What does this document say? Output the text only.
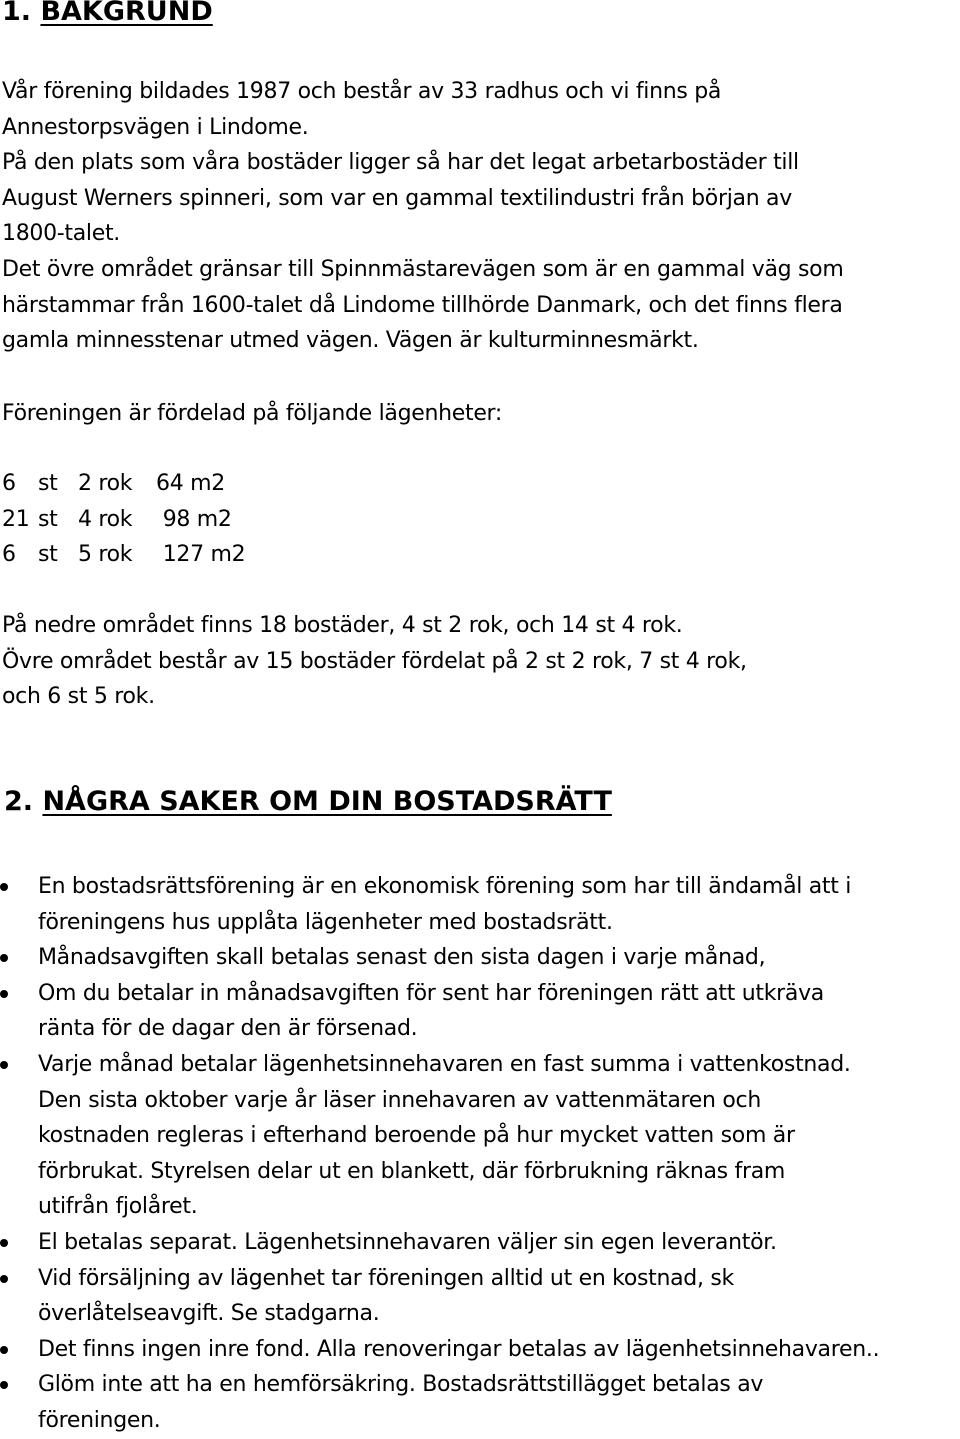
1. BAKGRUND
Vår förening bildades 1987 och består av 33 radhus och vi finns på
Annestorpsvägen i Lindome.
På den plats som våra bostäder ligger så har det legat arbetarbostäder till
August Werners spinneri, som var en gammal textilindustri från början av
1800-talet.
Det övre området gränsar till Spinnmästarevägen som är en gammal väg som
härstammar från 1600-talet då Lindome tillhörde Danmark, och det finns flera
gamla minnesstenar utmed vägen. Vägen är kulturminnesmärkt.
Föreningen är fördelad på följande lägenheter:
6	st 2 rok	64 m2
21 st 4 rok	98 m2
6	st 5 rok	127 m2
På nedre området finns 18 bostäder, 4 st 2 rok, och 14 st 4 rok.
Övre området består av 15 bostäder fördelat på 2 st 2 rok, 7 st 4 rok,
och 6 st 5 rok.
2. NÅGRA SAKER OM DIN BOSTADSRÄTT
En bostadsrättsförening är en ekonomisk förening som har till ändamål att i
föreningens hus upplåta lägenheter med bostadsrätt.
Månadsavgiften skall betalas senast den sista dagen i varje månad,
Om du betalar in månadsavgiften för sent har föreningen rätt att utkräva
ränta för de dagar den är försenad.
Varje månad betalar lägenhetsinnehavaren en fast summa i vattenkostnad.
Den sista oktober varje år läser innehavaren av vattenmätaren och
kostnaden regleras i efterhand beroende på hur mycket vatten som är
förbrukat. Styrelsen delar ut en blankett, där förbrukning räknas fram
utifrån fjolåret.
El betalas separat. Lägenhetsinnehavaren väljer sin egen leverantör.
Vid försäljning av lägenhet tar föreningen alltid ut en kostnad, sk
överlåtelseavgift. Se stadgarna.
Det finns ingen inre fond. Alla renoveringar betalas av lägenhetsinnehavaren..
Glöm inte att ha en hemförsäkring. Bostadsrättstillägget betalas av
föreningen.
